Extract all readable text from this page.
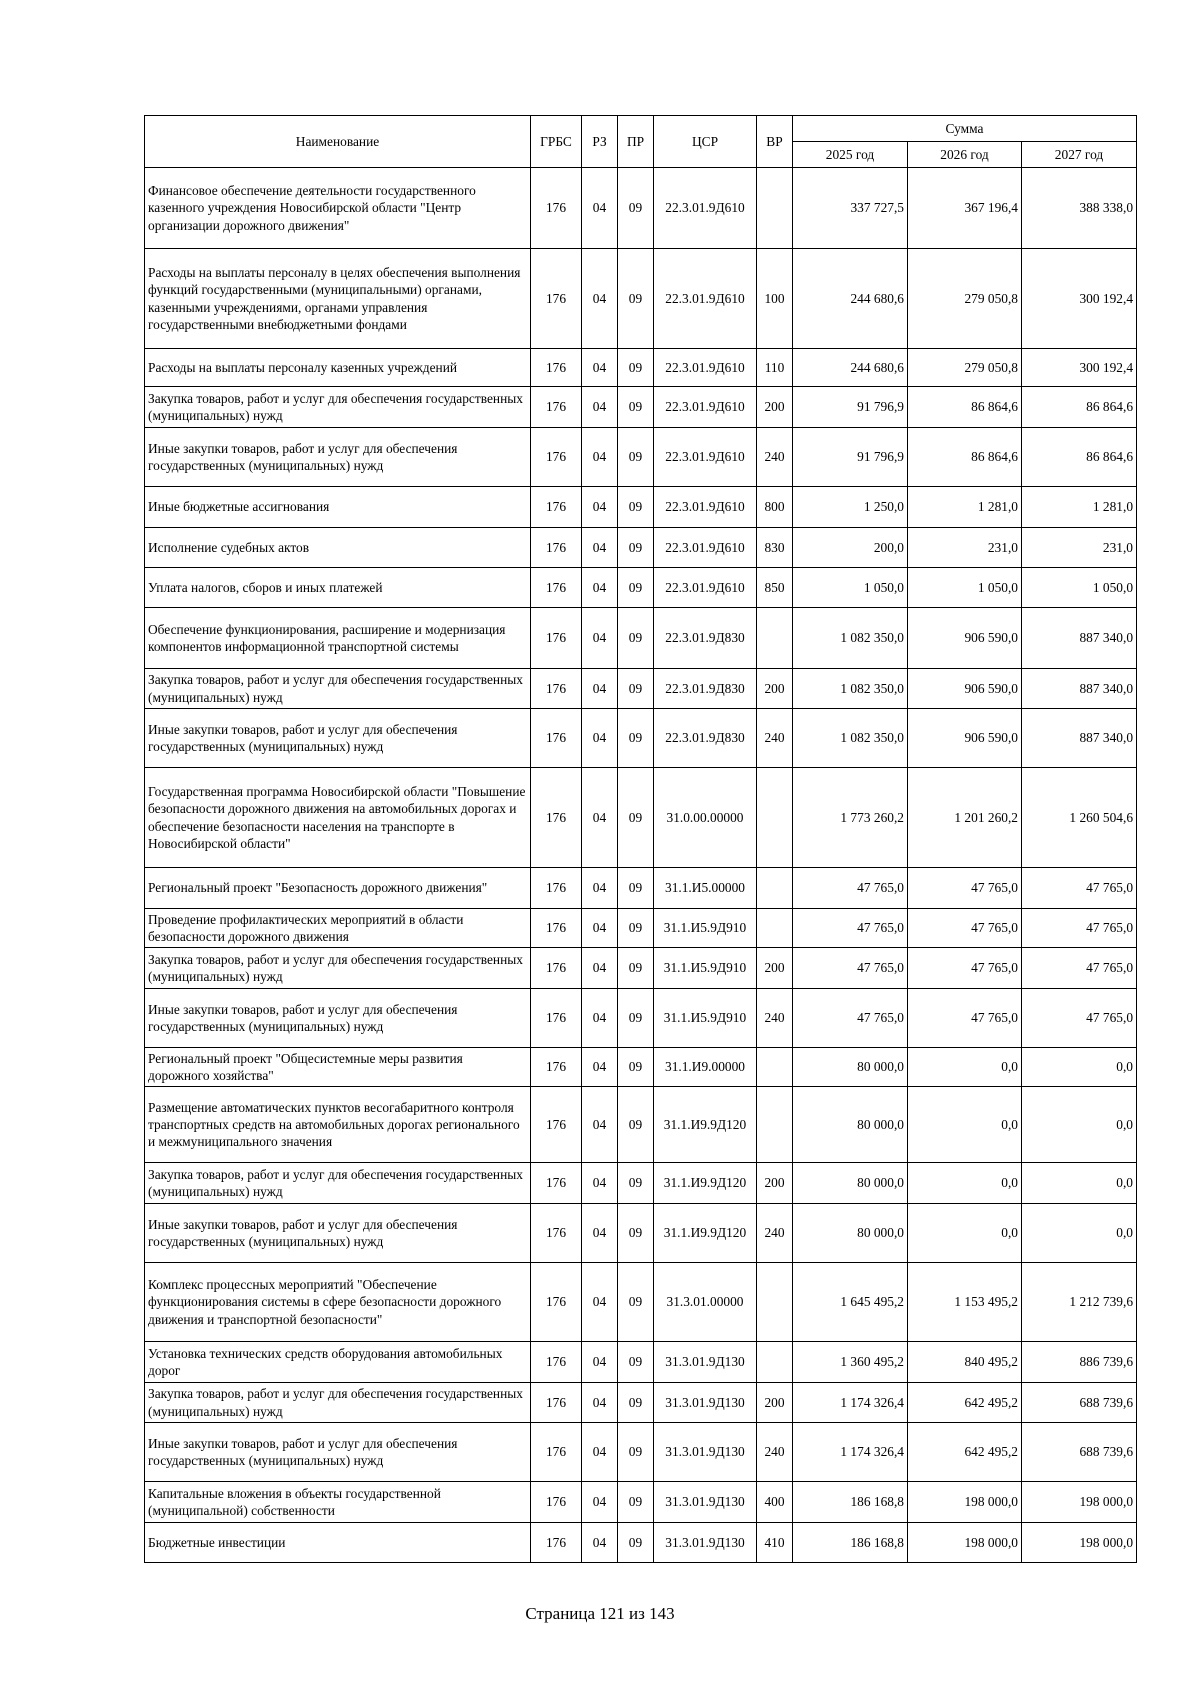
Наименование	ГРБС	РЗ	ПР	ЦСР	ВР	Сумма		
						2025 год	2026 год	2027 год
Финансовое обеспечение деятельности государственного казенного учреждения Новосибирской области "Центр организации дорожного движения"	176	04	09	22.3.01.9Д610		337 727,5	367 196,4	388 338,0
Расходы на выплаты персоналу в целях обеспечения выполнения функций государственными (муниципальными) органами, казенными учреждениями, органами управления государственными внебюджетными фондами	176	04	09	22.3.01.9Д610	100	244 680,6	279 050,8	300 192,4
Расходы на выплаты персоналу казенных учреждений	176	04	09	22.3.01.9Д610	110	244 680,6	279 050,8	300 192,4
Закупка товаров, работ и услуг для обеспечения государственных (муниципальных) нужд	176	04	09	22.3.01.9Д610	200	91 796,9	86 864,6	86 864,6
Иные закупки товаров, работ и услуг для обеспечения государственных (муниципальных) нужд	176	04	09	22.3.01.9Д610	240	91 796,9	86 864,6	86 864,6
Иные бюджетные ассигнования	176	04	09	22.3.01.9Д610	800	1 250,0	1 281,0	1 281,0
Исполнение судебных актов	176	04	09	22.3.01.9Д610	830	200,0	231,0	231,0
Уплата налогов, сборов и иных платежей	176	04	09	22.3.01.9Д610	850	1 050,0	1 050,0	1 050,0
Обеспечение функционирования, расширение и модернизация компонентов информационной транспортной системы	176	04	09	22.3.01.9Д830		1 082 350,0	906 590,0	887 340,0
Закупка товаров, работ и услуг для обеспечения государственных (муниципальных) нужд	176	04	09	22.3.01.9Д830	200	1 082 350,0	906 590,0	887 340,0
Иные закупки товаров, работ и услуг для обеспечения государственных (муниципальных) нужд	176	04	09	22.3.01.9Д830	240	1 082 350,0	906 590,0	887 340,0
Государственная программа Новосибирской области "Повышение безопасности дорожного движения на автомобильных дорогах и обеспечение безопасности населения на транспорте в Новосибирской области"	176	04	09	31.0.00.00000		1 773 260,2	1 201 260,2	1 260 504,6
Региональный проект "Безопасность дорожного движения"	176	04	09	31.1.И5.00000		47 765,0	47 765,0	47 765,0
Проведение профилактических мероприятий в области безопасности дорожного движения	176	04	09	31.1.И5.9Д910		47 765,0	47 765,0	47 765,0
Закупка товаров, работ и услуг для обеспечения государственных (муниципальных) нужд	176	04	09	31.1.И5.9Д910	200	47 765,0	47 765,0	47 765,0
Иные закупки товаров, работ и услуг для обеспечения государственных (муниципальных) нужд	176	04	09	31.1.И5.9Д910	240	47 765,0	47 765,0	47 765,0
Региональный проект "Общесистемные меры развития дорожного хозяйства"	176	04	09	31.1.И9.00000		80 000,0	0,0	0,0
Размещение автоматических пунктов весогабаритного контроля транспортных средств на автомобильных дорогах регионального и межмуниципального значения	176	04	09	31.1.И9.9Д120		80 000,0	0,0	0,0
Закупка товаров, работ и услуг для обеспечения государственных (муниципальных) нужд	176	04	09	31.1.И9.9Д120	200	80 000,0	0,0	0,0
Иные закупки товаров, работ и услуг для обеспечения государственных (муниципальных) нужд	176	04	09	31.1.И9.9Д120	240	80 000,0	0,0	0,0
Комплекс процессных мероприятий "Обеспечение функционирования системы в сфере безопасности дорожного движения и транспортной безопасности"	176	04	09	31.3.01.00000		1 645 495,2	1 153 495,2	1 212 739,6
Установка технических средств оборудования автомобильных дорог	176	04	09	31.3.01.9Д130		1 360 495,2	840 495,2	886 739,6
Закупка товаров, работ и услуг для обеспечения государственных (муниципальных) нужд	176	04	09	31.3.01.9Д130	200	1 174 326,4	642 495,2	688 739,6
Иные закупки товаров, работ и услуг для обеспечения государственных (муниципальных) нужд	176	04	09	31.3.01.9Д130	240	1 174 326,4	642 495,2	688 739,6
Капитальные вложения в объекты государственной (муниципальной) собственности	176	04	09	31.3.01.9Д130	400	186 168,8	198 000,0	198 000,0
Бюджетные инвестиции	176	04	09	31.3.01.9Д130	410	186 168,8	198 000,0	198 000,0
Страница 121 из 143
